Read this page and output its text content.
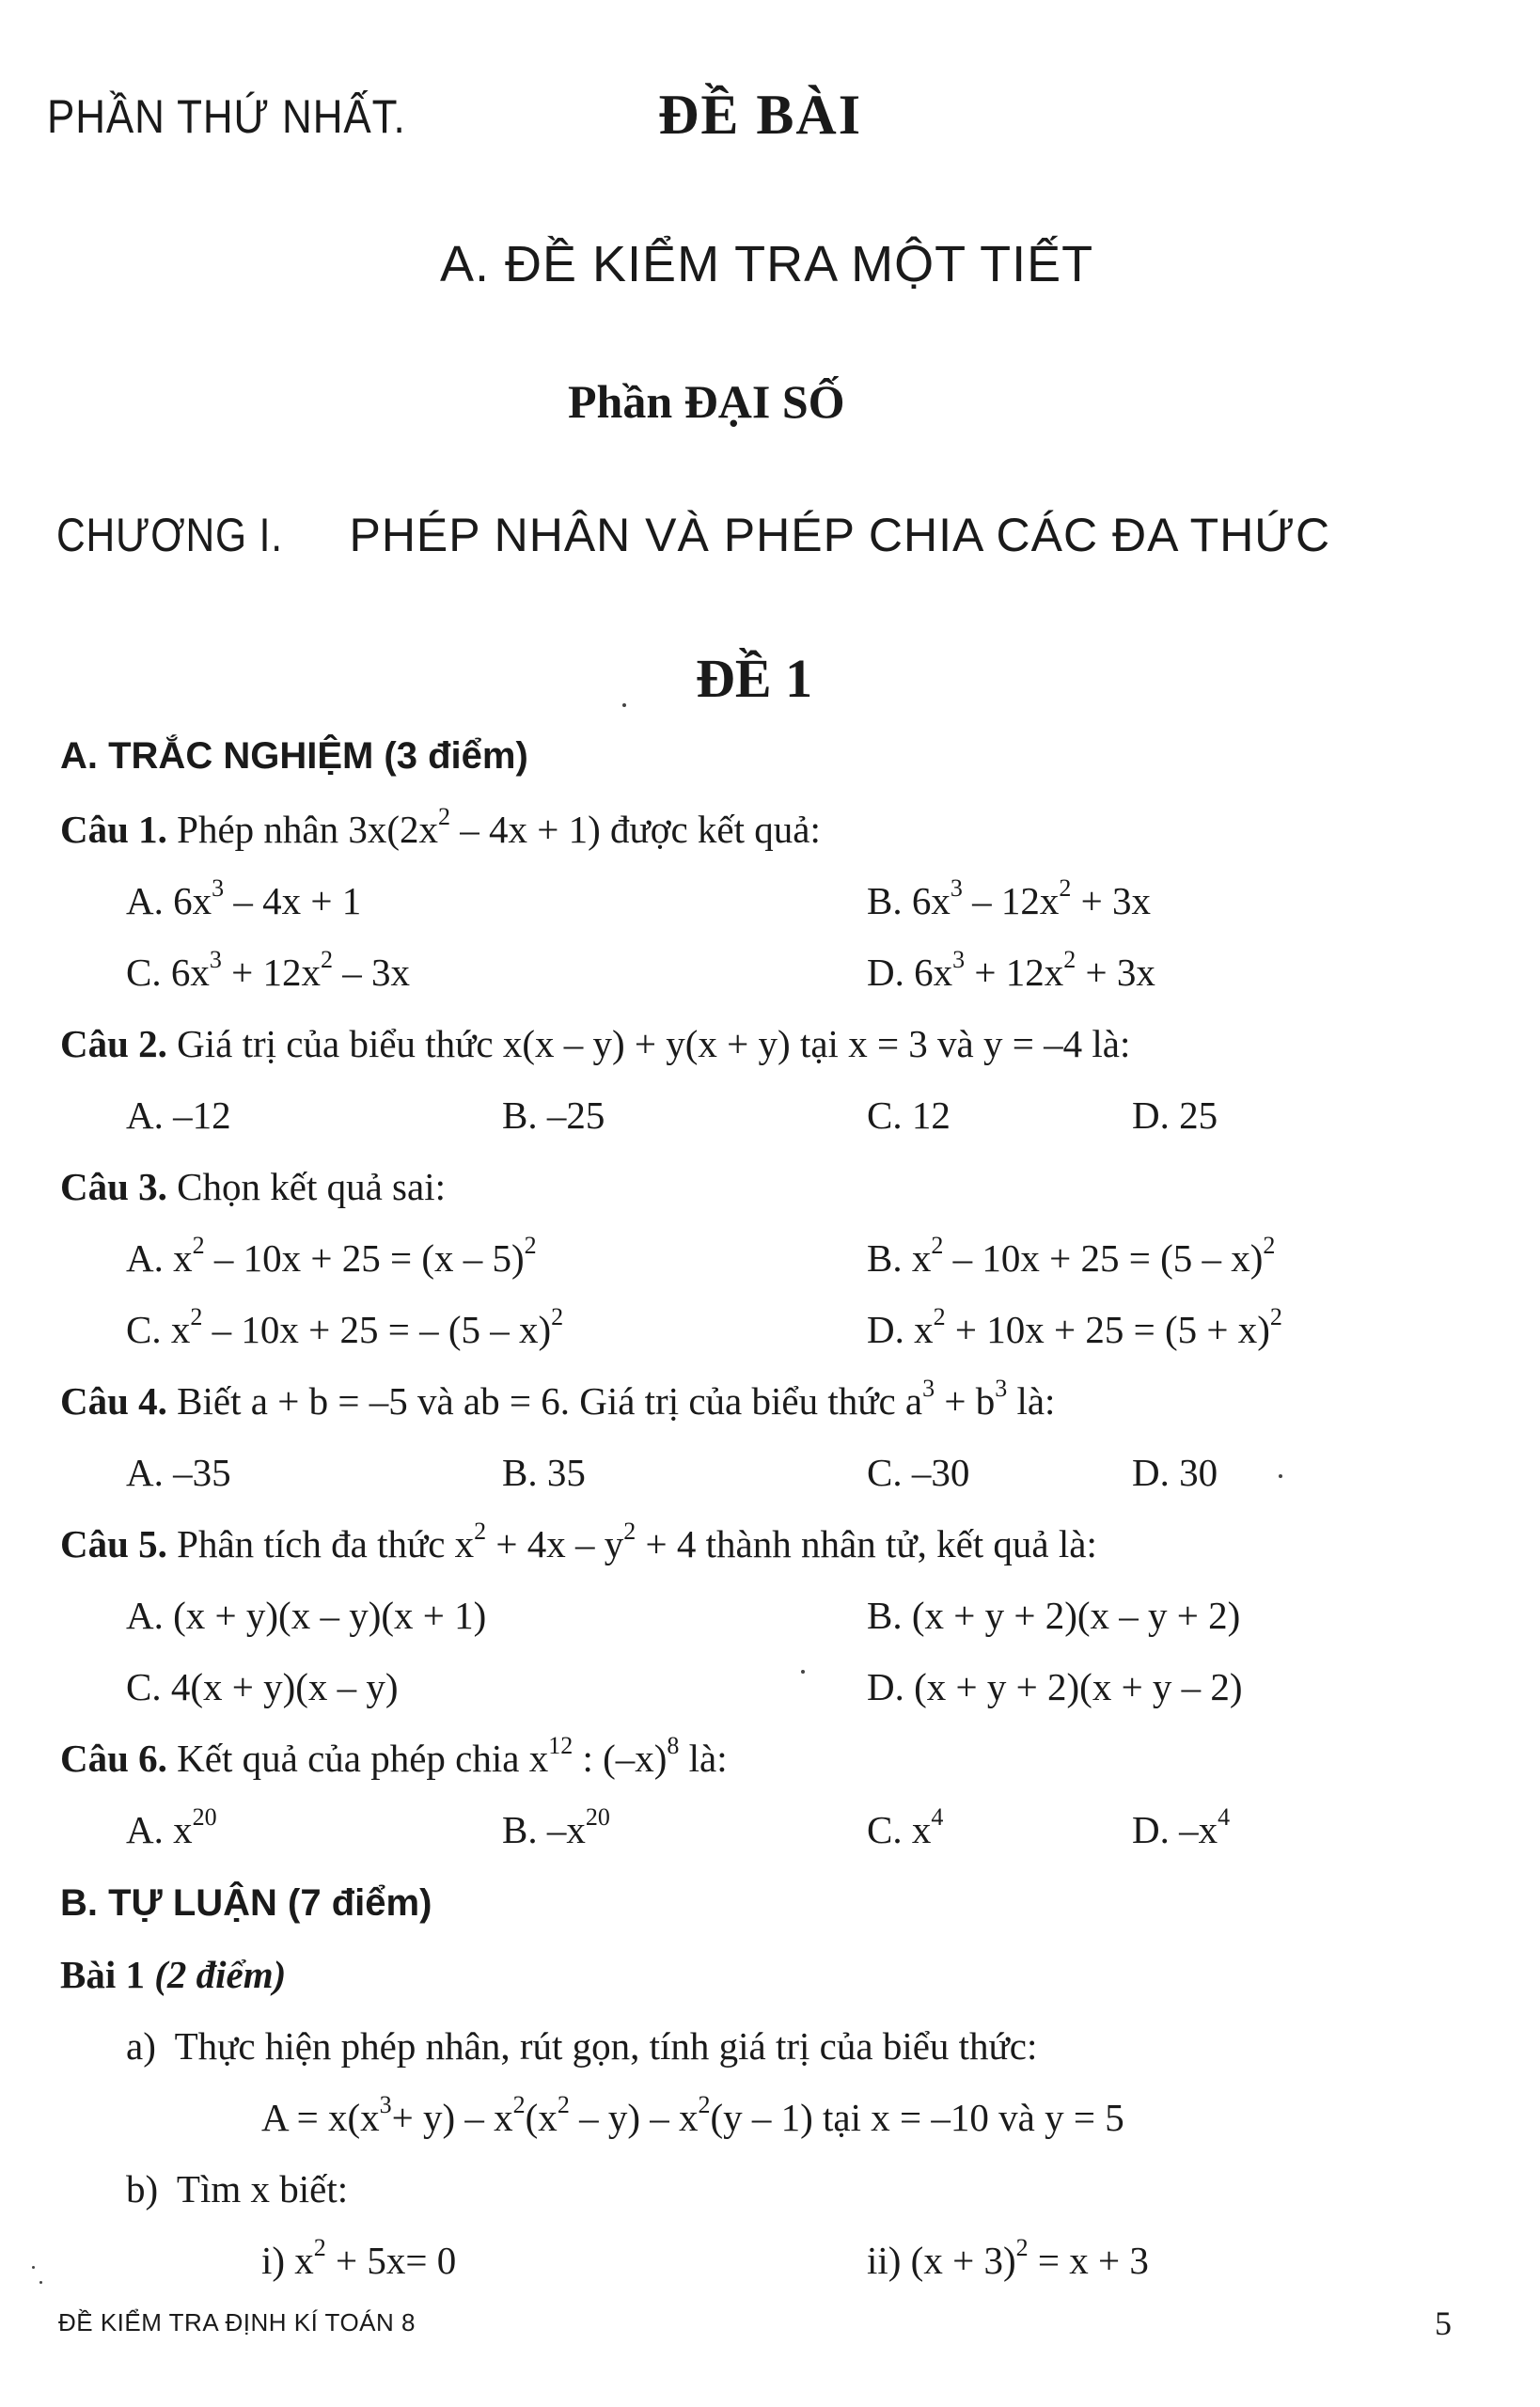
PHẦN THỨ NHẤT.	ĐỀ BÀI
A. ĐỀ KIỂM TRA MỘT TIẾT
Phần ĐẠI SỐ
CHƯƠNG I. PHÉP NHÂN VÀ PHÉP CHIA CÁC ĐA THỨC
ĐỀ 1
A. TRẮC NGHIỆM (3 điểm)
Câu 1. Phép nhân $3x(2x^2 - 4x + 1)$ được kết quả:
A. $6x^3 - 4x + 1$	B. $6x^3 - 12x^2 + 3x$
C. $6x^3 + 12x^2 - 3x$	D. $6x^3 + 12x^2 + 3x$
Câu 2. Giá trị của biểu thức x(x – y) + y(x + y) tại x = 3 và y = –4 là:
A. –12	B. –25	C. 12	D. 25
Câu 3. Chọn kết quả sai:
A. $x^2 - 10x + 25 = (x - 5)^2$	B. $x^2 - 10x + 25 = (5 - x)^2$
C. $x^2 - 10x + 25$ = – (5 – x)$^2$	D. $x^2 + 10x + 25 = (5 + x)^2$
Câu 4. Biết a + b = –5 và ab = 6. Giá trị của biểu thức $a^3 + b^3$ là:
A. –35	B. 35	C. –30	D. 30
Câu 5. Phân tích đa thức $x^2 + 4x - y^2 + 4$ thành nhân tử, kết quả là:
A. (x + y)(x – y)(x + 1)	B. (x + y + 2)(x – y + 2)
C. 4(x + y)(x – y)	D. (x + y + 2)(x + y – 2)
Câu 6. Kết quả của phép chia $x^{12}$ : $(-x)^8$ là:
A. $x^{20}$	B. $-x^{20}$	C. $x^4$	D. $-x^4$
B. TỰ LUẬN (7 điểm)
Bài 1 (2 điểm)
a) Thực hiện phép nhân, rút gọn, tính giá trị của biểu thức:
$A = x(x^3+ y) - x^2(x^2 - y) - x^2(y - 1)$ tại x = –10 và y = 5
b) Tìm x biết:
i) $x^2 + 5x= 0$	ii) $(x + 3)^2 = x + 3$
ĐỀ KIỂM TRA ĐỊNH KÍ TOÁN 8	5
